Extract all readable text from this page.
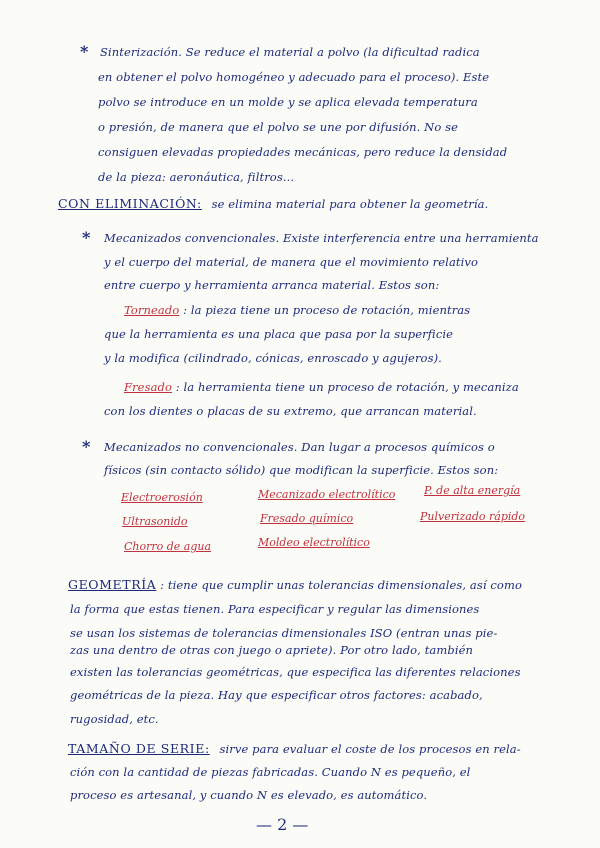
* Sinterización. Se reduce el material a polvo (la dificultad radica
en obtener el polvo homogéneo y adecuado para el proceso). Este
polvo se introduce en un molde y se aplica elevada temperatura
o presión, de manera que el polvo se une por difusión. No se
consiguen elevadas propiedades mecánicas, pero reduce la densidad
de la pieza: aeronáutica, filtros...
CON ELIMINACIÓN: se elimina material para obtener la geometría.
* Mecanizados convencionales. Existe interferencia entre una herramienta
y el cuerpo del material, de manera que el movimiento relativo
entre cuerpo y herramienta arranca material. Estos son:
Torneado : la pieza tiene un proceso de rotación, mientras
que la herramienta es una placa que pasa por la superficie
y la modifica (cilindrado, cónicas, enroscado y agujeros).
Fresado : la herramienta tiene un proceso de rotación, y mecaniza
con los dientes o placas de su extremo, que arrancan material.
* Mecanizados no convencionales. Dan lugar a procesos químicos o
físicos (sin contacto sólido) que modifican la superficie. Estos son:
Electroerosión	Mecanizado electrolítico	P. de alta energía
Ultrasonido	Fresado químico	Pulverizado rápido
Chorro de agua	Moldeo electrolítico
GEOMETRÍA : tiene que cumplir unas tolerancias dimensionales, así como
la forma que estas tienen. Para especificar y regular las dimensiones
se usan los sistemas de tolerancias dimensionales ISO (entran unas pie-
zas una dentro de otras con juego o apriete). Por otro lado, también
existen las tolerancias geométricas, que especifica las diferentes relaciones
geométricas de la pieza. Hay que especificar otros factores: acabado,
rugosidad, etc.
TAMAÑO DE SERIE: sirve para evaluar el coste de los procesos en rela-
ción con la cantidad de piezas fabricadas. Cuando N es pequeño, el
proceso es artesanal, y cuando N es elevado, es automático.
— 2 —
